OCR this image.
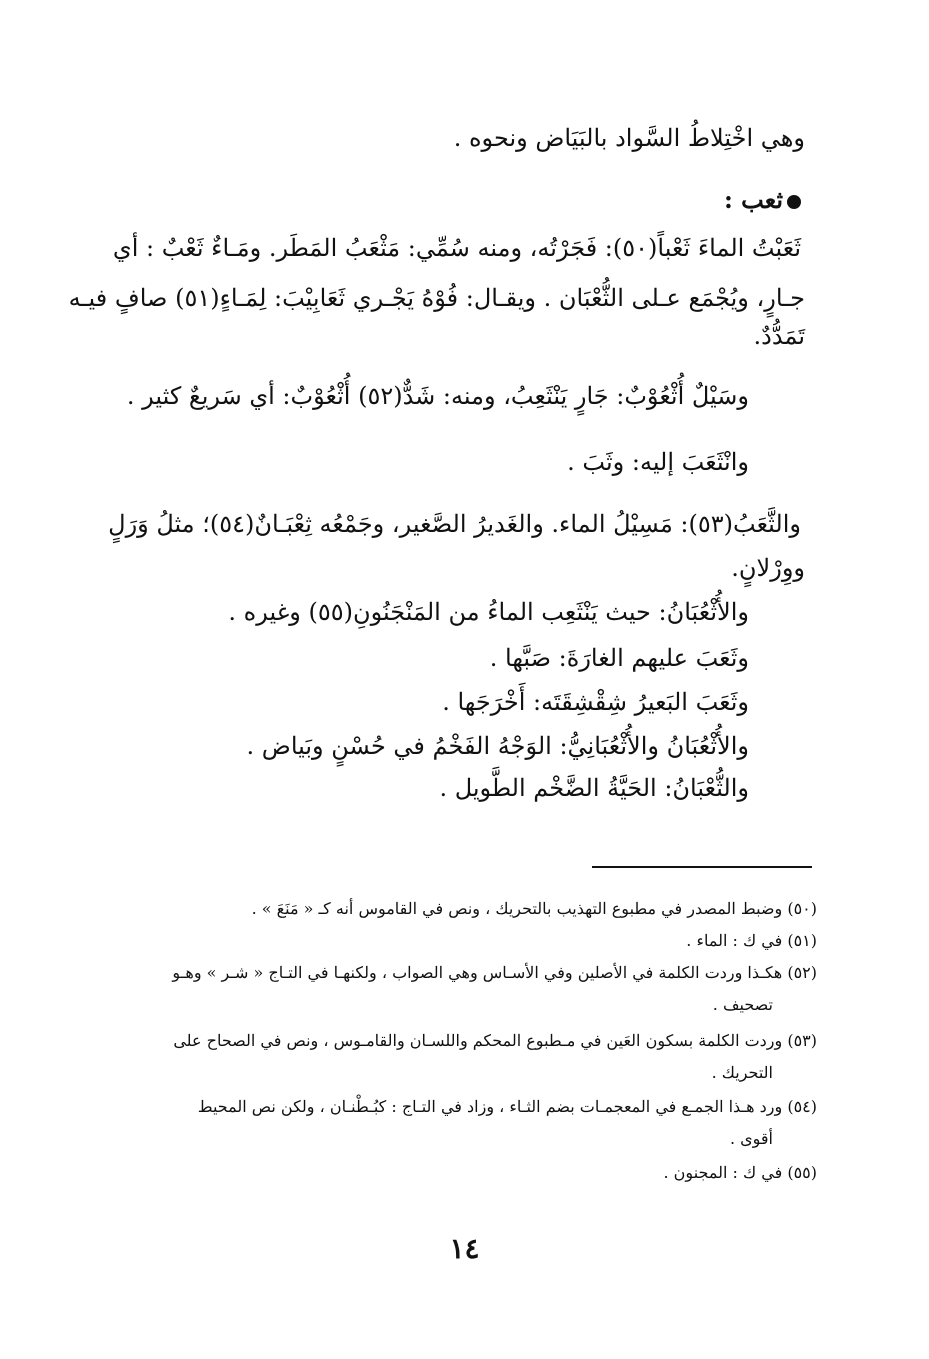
وهي اخْتِلاطُ السَّواد بالبَيَاض ونحوه .
ثعب :
ثَعَبْتُ الماءَ ثَعْباً(٥٠): فَجَرْتُه، ومنه سُمِّي: مَثْعَبُ المَطَر. ومَـاءٌ ثَعْبٌ : أي
جـارٍ، ويُجْمَع عـلى الثُّعْبَان . ويقـال: فُوْهُ يَجْـري ثَعَابِيْبَ: لِمَـاءٍ(٥١) صافٍ فيـه
تَمَدُّدٌ.
وسَيْلٌ أُثْعُوْبٌ: جَارٍ يَنْثَعِبُ، ومنه: شَدٌّ(٥٢) أُثْعُوْبٌ: أي سَريعٌ كثير .
وانْثَعَبَ إليه: وثَبَ .
والثَّعَبُ(٥٣): مَسِيْلُ الماء. والغَديرُ الصَّغير، وجَمْعُه ثِعْبَـانٌ(٥٤)؛ مثلُ وَرَلٍ
ووِرْلانٍ.
والأُثْعُبَانُ: حيث يَنْثَعِب الماءُ من المَنْجَنُونِ(٥٥) وغيره .
وثَعَبَ عليهم الغارَةَ: صَبَّها .
وثَعَبَ البَعيرُ شِقْشِقَتَه: أَخْرَجَها .
والأُثْعُبَانُ والأُثْعُبَانِيُّ: الوَجْهُ الفَخْمُ في حُسْنٍ وبَياض .
والثُّعْبَانُ: الحَيَّةُ الضَّخْم الطَّويل .
(٥٠) وضبط المصدر في مطبوع التهذيب بالتحريك ، ونص في القاموس أنه كـ « مَنَعَ » .
(٥١) في ك : الماء .
(٥٢) هكـذا وردت الكلمة في الأصلين وفي الأسـاس وهي الصواب ، ولكنهـا في التـاج « شـر » وهـو
تصحيف .
(٥٣) وردت الكلمة بسكون العَين في مـطبوع المحكم واللسـان والقامـوس ، ونص في الصحاح على
التحريك .
(٥٤) ورد هـذا الجمـع في المعجمـات بضم الثـاء ، وزاد في التـاج : كبُـطْنـان ، ولكن نص المحيط
أقوى .
(٥٥) في ك : المجنون .
١٤
